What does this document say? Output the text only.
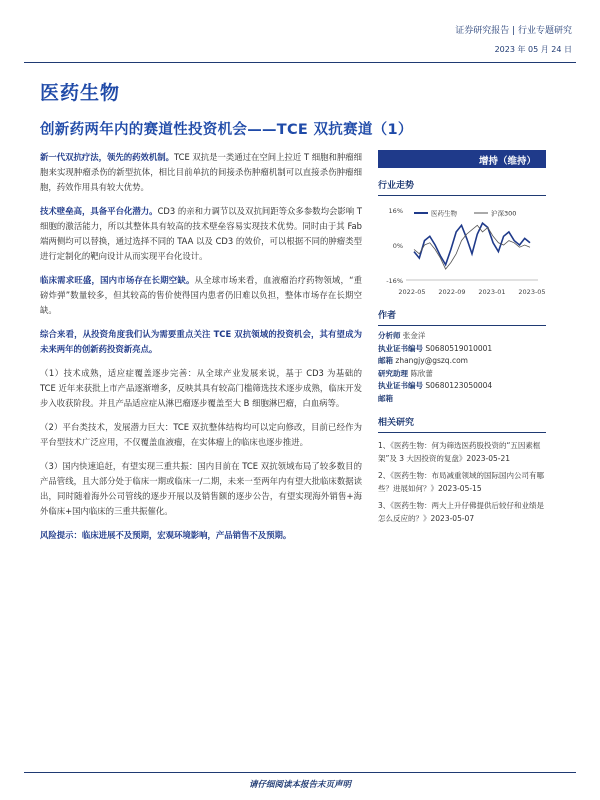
证券研究报告 | 行业专题研究
2023 年 05 月 24 日
医药生物
创新药两年内的赛道性投资机会——TCE 双抗赛道（1）

新一代双抗疗法，领先的药效机制。TCE 双抗是一类通过在空间上拉近 T 细胞和肿瘤细胞来实现肿瘤杀伤的新型抗体，相比目前单抗的间接杀伤肿瘤机制可以直接杀伤肿瘤细胞，药效作用具有较大优势。

技术壁垒高，具备平台化潜力。CD3 的亲和力调节以及双抗间距等众多参数均会影响 T 细胞的激活能力，所以其整体具有较高的技术壁垒容易实现技术优势。同时由于其 Fab 端两侧均可以替换，通过选择不同的 TAA 以及 CD3 的效价，可以根据不同的肿瘤类型进行定制化的靶向设计从而实现平台化设计。

临床需求旺盛，国内市场存在长期空缺。从全球市场来看，血液瘤治疗药物领域，“重磅炸弹”数量较多，但其较高的售价使得国内患者仍旧难以负担，整体市场存在长期空缺。

综合来看，从投资角度我们认为需要重点关注 TCE 双抗领域的投资机会，其有望成为未来两年的创新药投资新亮点。

（1）技术成熟，适应症覆盖逐步完善：从全球产业发展来说，基于 CD3 为基础的 TCE 近年来获批上市产品逐渐增多，反映其具有较高门槛筛选技术逐步成熟，临床开发步入收获阶段。并且产品适应症从淋巴瘤逐步覆盖至大 B 细胞淋巴瘤，白血病等。

（2）平台类技术，发展潜力巨大：TCE 双抗整体结构均可以定向修改，目前已经作为平台型技术广泛应用，不仅覆盖血液瘤，在实体瘤上的临床也逐步推进。

（3）国内快速追赶，有望实现三重共振：国内目前在 TCE 双抗领域布局了较多数目的产品管线，且大部分处于临床一期或临床一/二期，未来一至两年内有望大批临床数据读出，同时随着海外公司管线的逐步开展以及销售额的逐步公告，有望实现海外销售+海外临床+国内临床的三重共振催化。

风险提示：临床进展不及预期，宏观环境影响，产品销售不及预期。

增持（维持）
行业走势
16%
0%
-16%
2022-05 2022-09 2023-01 2023-05
医药生物	沪深300
作者
分析师 张金洋
执业证书编号 S0680519010001
邮箱 zhangjy@gszq.com
研究助理 陈欣蕾
执业证书编号 S0680123050004
邮箱
相关研究
1、《医药生物：何为筛选医药股投资的“五因素框架”及 3 大因投资的复盘》2023-05-21
2、《医药生物：布局减重领域的国际国内公司有哪些？进展如何？》2023-05-15
3、《医药生物：两大上升仔佛提供后较仔和业绩是怎么反应的？》2023-05-07
请仔细阅读本报告末页声明
